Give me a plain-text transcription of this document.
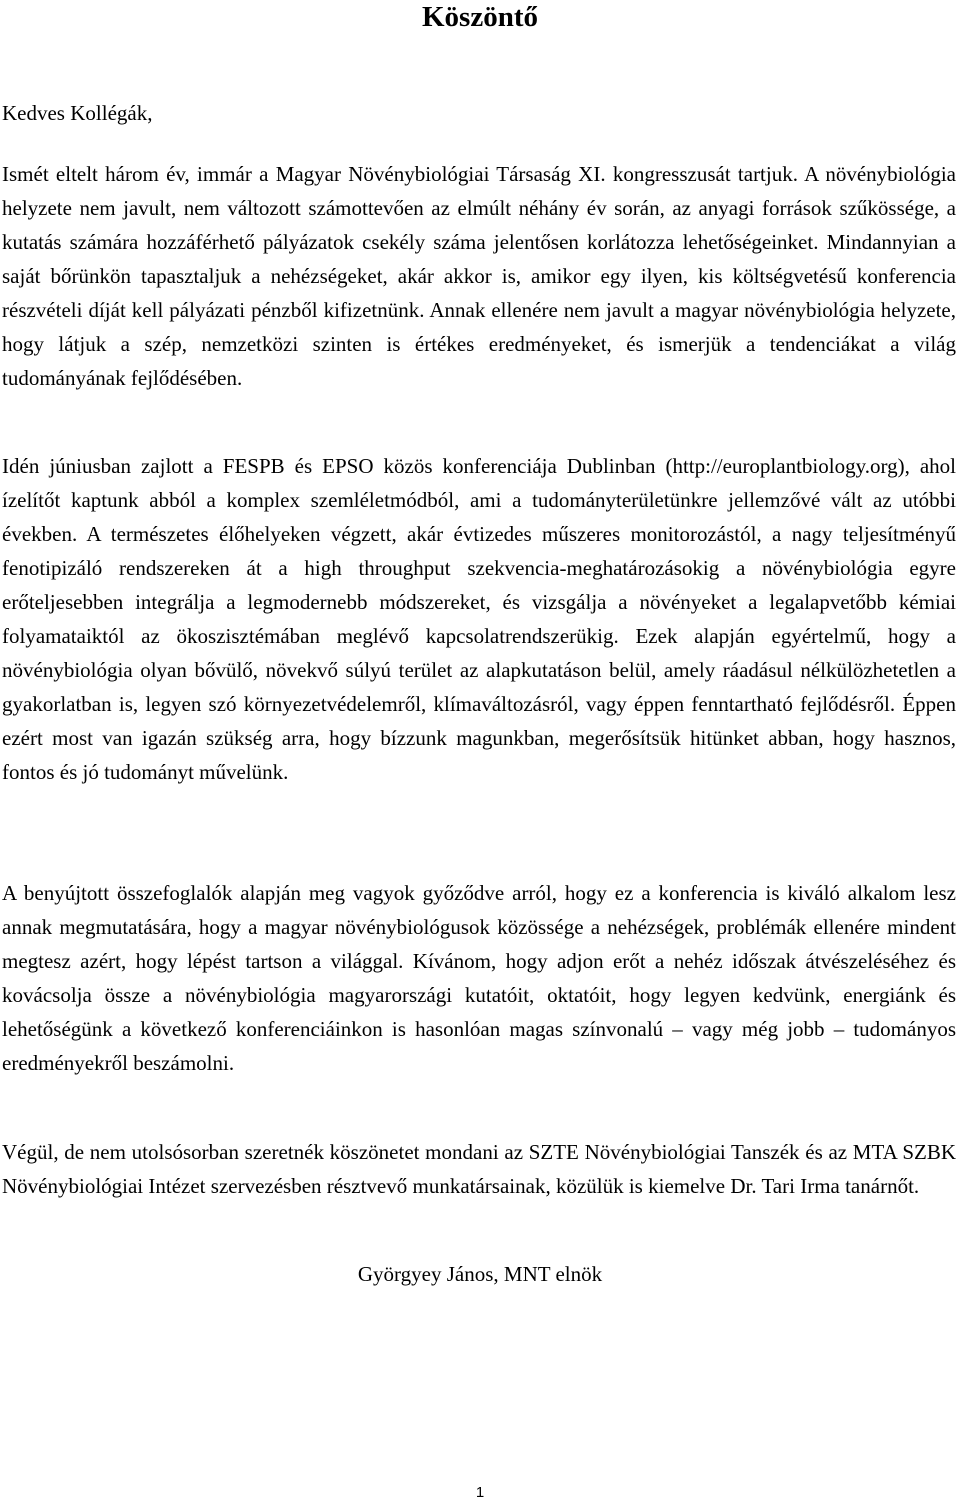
Köszöntő

Kedves Kollégák,

Ismét eltelt három év, immár a Magyar Növénybiológiai Társaság XI. kongresszusát tartjuk. A növénybiológia helyzete nem javult, nem változott számottevően az elmúlt néhány év során, az anyagi források szűkössége, a kutatás számára hozzáférhető pályázatok csekély száma jelentősen korlátozza lehetőségeinket. Mindannyian a saját bőrünkön tapasztaljuk a nehézségeket, akár akkor is, amikor egy ilyen, kis költségvetésű konferencia részvételi díját kell pályázati pénzből kifizetnünk. Annak ellenére nem javult a magyar növénybiológia helyzete, hogy látjuk a szép, nemzetközi szinten is értékes eredményeket, és ismerjük a tendenciákat a világ tudományának fejlődésében.

Idén júniusban zajlott a FESPB és EPSO közös konferenciája Dublinban (http://europlantbiology.org), ahol ízelítőt kaptunk abból a komplex szemléletmódból, ami a tudományterületünkre jellemzővé vált az utóbbi években. A természetes élőhelyeken végzett, akár évtizedes műszeres monitorozástól, a nagy teljesítményű fenotipizáló rendszereken át a high throughput szekvencia-meghatározásokig a növénybiológia egyre erőteljesebben integrálja a legmodernebb módszereket, és vizsgálja a növényeket a legalapvetőbb kémiai folyamataiktól az ökoszisztémában meglévő kapcsolatrendszerükig. Ezek alapján egyértelmű, hogy a növénybiológia olyan bővülő, növekvő súlyú terület az alapkutatáson belül, amely ráadásul nélkülözhetetlen a gyakorlatban is, legyen szó környezetvédelemről, klímaváltozásról, vagy éppen fenntartható fejlődésről. Éppen ezért most van igazán szükség arra, hogy bízzunk magunkban, megerősítsük hitünket abban, hogy hasznos, fontos és jó tudományt művelünk.

A benyújtott összefoglalók alapján meg vagyok győződve arról, hogy ez a konferencia is kiváló alkalom lesz annak megmutatására, hogy a magyar növénybiológusok közössége a nehézségek, problémák ellenére mindent megtesz azért, hogy lépést tartson a világgal. Kívánom, hogy adjon erőt a nehéz időszak átvészeléséhez és kovácsolja össze a növénybiológia magyarországi kutatóit, oktatóit, hogy legyen kedvünk, energiánk és lehetőségünk a következő konferenciáinkon is hasonlóan magas színvonalú – vagy még jobb – tudományos eredményekről beszámolni.

Végül, de nem utolsósorban szeretnék köszönetet mondani az SZTE Növénybiológiai Tanszék és az MTA SZBK Növénybiológiai Intézet szervezésben résztvevő munkatársainak, közülük is kiemelve Dr. Tari Irma tanárnőt.

Györgyey János, MNT elnök

1
